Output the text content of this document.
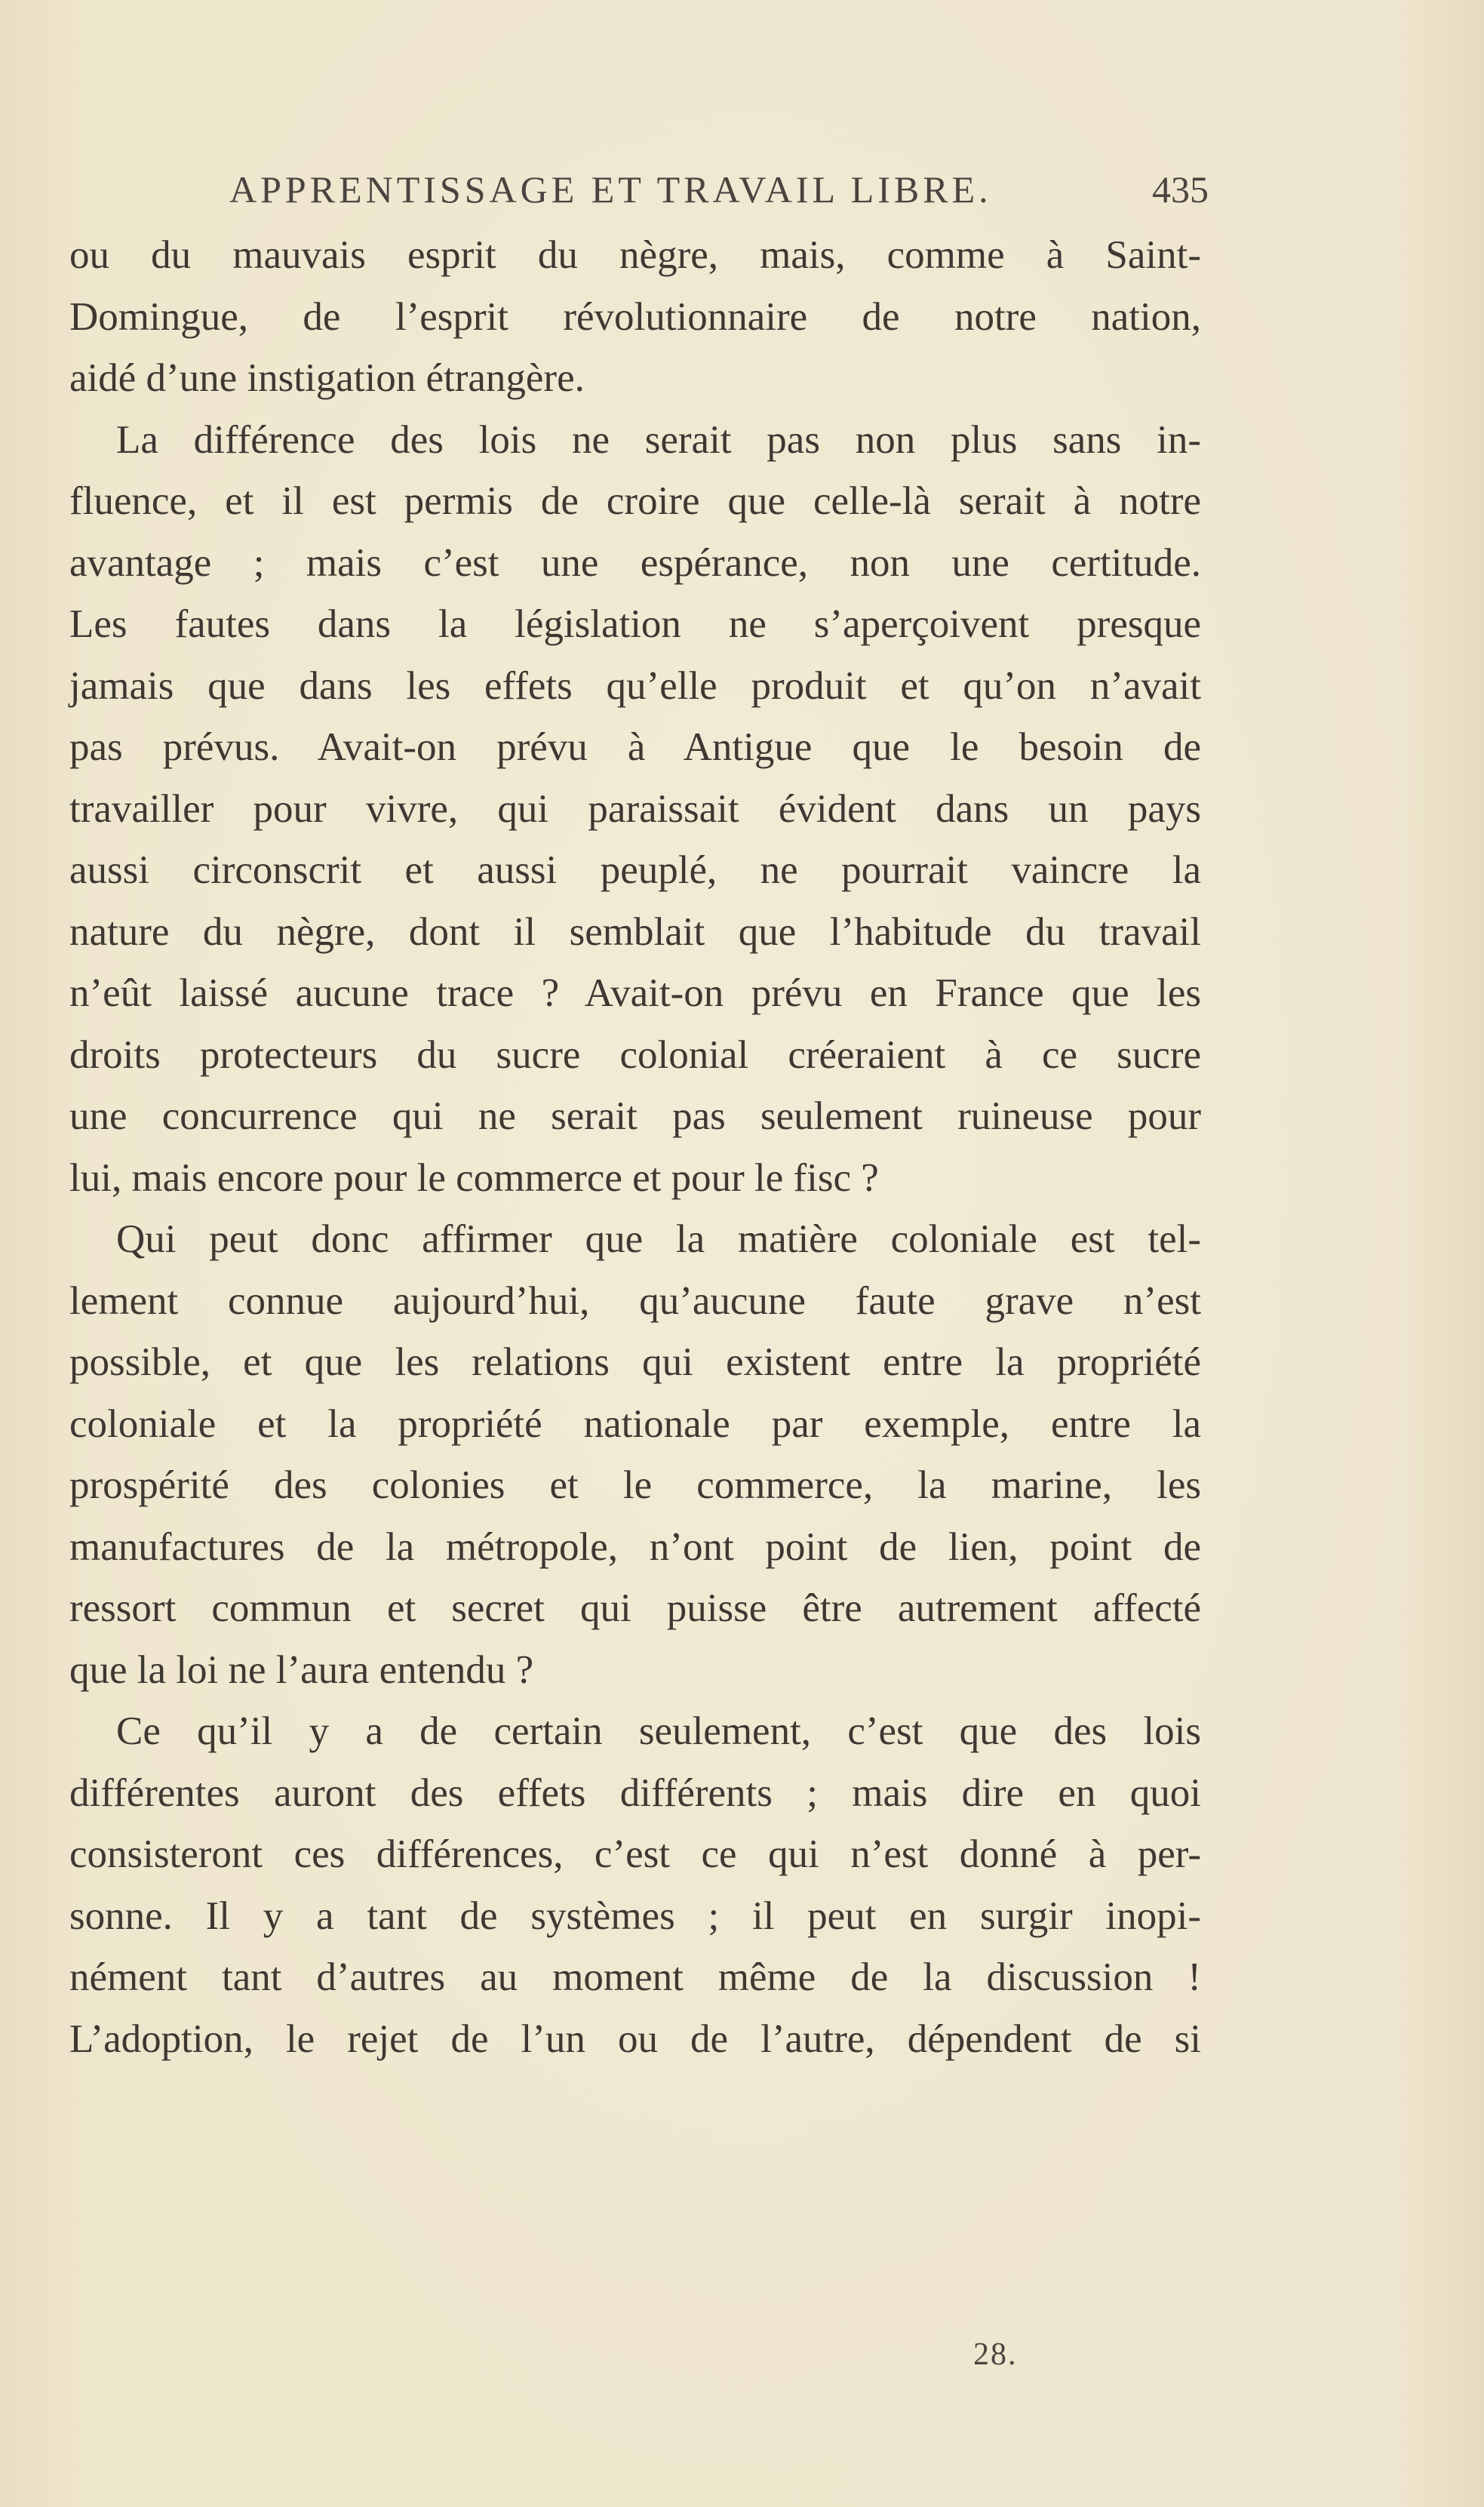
APPRENTISSAGE ET TRAVAIL LIBRE.	435
ou du mauvais esprit du nègre, mais, comme à Saint-
Domingue, de l’esprit révolutionnaire de notre nation,
aidé d’une instigation étrangère.
La différence des lois ne serait pas non plus sans in-
fluence, et il est permis de croire que celle-là serait à notre
avantage ; mais c’est une espérance, non une certitude.
Les fautes dans la législation ne s’aperçoivent presque
jamais que dans les effets qu’elle produit et qu’on n’avait
pas prévus. Avait-on prévu à Antigue que le besoin de
travailler pour vivre, qui paraissait évident dans un pays
aussi circonscrit et aussi peuplé, ne pourrait vaincre la
nature du nègre, dont il semblait que l’habitude du travail
n’eût laissé aucune trace ? Avait-on prévu en France que les
droits protecteurs du sucre colonial créeraient à ce sucre
une concurrence qui ne serait pas seulement ruineuse pour
lui, mais encore pour le commerce et pour le fisc ?
Qui peut donc affirmer que la matière coloniale est tel-
lement connue aujourd’hui, qu’aucune faute grave n’est
possible, et que les relations qui existent entre la propriété
coloniale et la propriété nationale par exemple, entre la
prospérité des colonies et le commerce, la marine, les
manufactures de la métropole, n’ont point de lien, point de
ressort commun et secret qui puisse être autrement affecté
que la loi ne l’aura entendu ?
Ce qu’il y a de certain seulement, c’est que des lois
différentes auront des effets différents ; mais dire en quoi
consisteront ces différences, c’est ce qui n’est donné à per-
sonne. Il y a tant de systèmes ; il peut en surgir inopi-
nément tant d’autres au moment même de la discussion !
L’adoption, le rejet de l’un ou de l’autre, dépendent de si
28.
